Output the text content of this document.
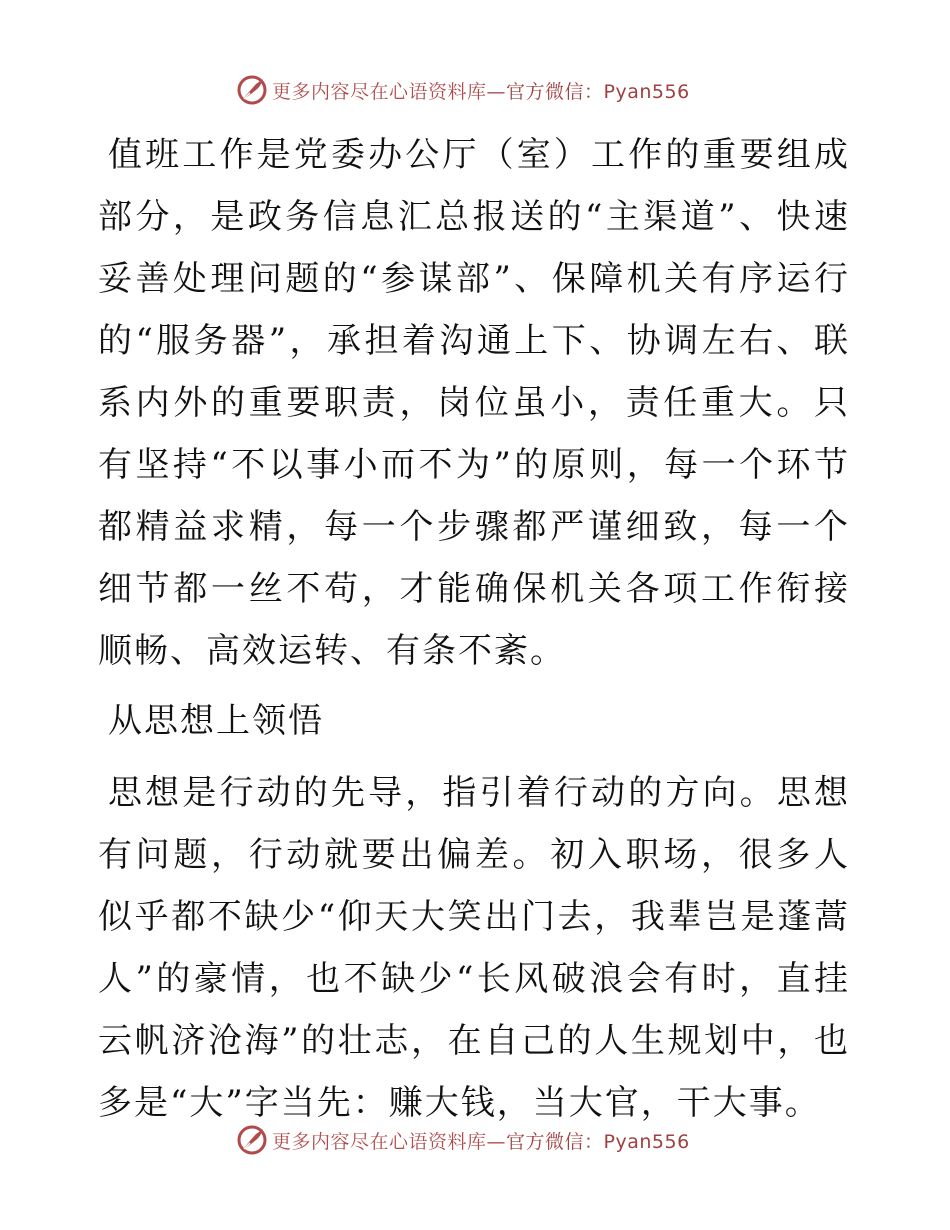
更多内容尽在心语资料库—官方微信：Pyan556

值班工作是党委办公厅（室）工作的重要组成部分，是政务信息汇总报送的“主渠道”、快速妥善处理问题的“参谋部”、保障机关有序运行的“服务器”，承担着沟通上下、协调左右、联系内外的重要职责，岗位虽小，责任重大。只有坚持“不以事小而不为”的原则，每一个环节都精益求精，每一个步骤都严谨细致，每一个细节都一丝不苟，才能确保机关各项工作衔接顺畅、高效运转、有条不紊。

从思想上领悟

思想是行动的先导，指引着行动的方向。思想有问题，行动就要出偏差。初入职场，很多人似乎都不缺少“仰天大笑出门去，我辈岂是蓬蒿人”的豪情，也不缺少“长风破浪会有时，直挂云帆济沧海”的壮志，在自己的人生规划中，也多是“大”字当先：赚大钱，当大官，干大事。

更多内容尽在心语资料库—官方微信：Pyan556
